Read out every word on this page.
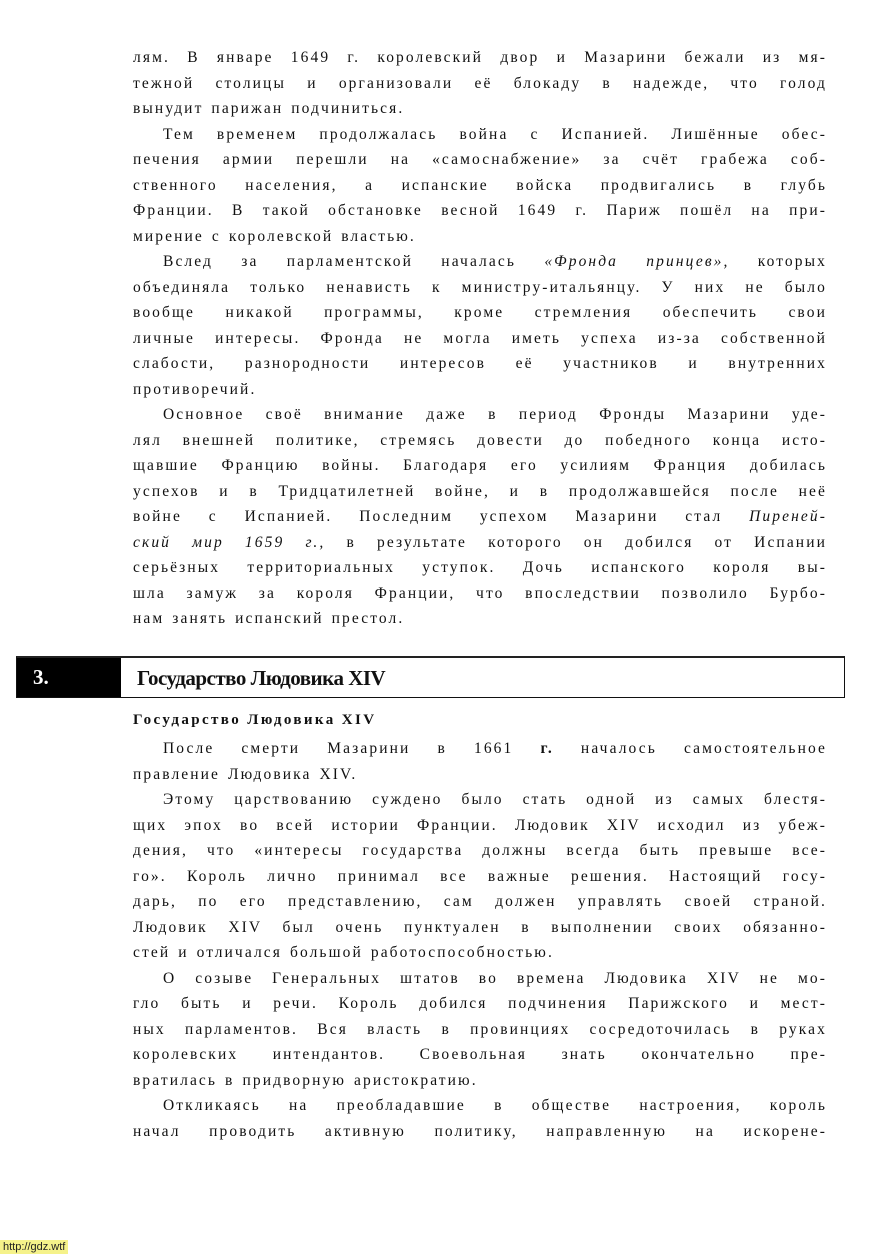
лям. В январе 1649 г. королевский двор и Мазарини бежали из мя-
тежной столицы и организовали её блокаду в надежде, что голод
вынудит парижан подчиниться.
Тем временем продолжалась война с Испанией. Лишённые обес-
печения армии перешли на «самоснабжение» за счёт грабежа соб-
ственного населения, а испанские войска продвигались в глубь
Франции. В такой обстановке весной 1649 г. Париж пошёл на при-
мирение с королевской властью.
Вслед за парламентской началась «Фронда принцев», которых
объединяла только ненависть к министру-итальянцу. У них не было
вообще никакой программы, кроме стремления обеспечить свои
личные интересы. Фронда не могла иметь успеха из-за собственной
слабости, разнородности интересов её участников и внутренних
противоречий.
Основное своё внимание даже в период Фронды Мазарини уде-
лял внешней политике, стремясь довести до победного конца исто-
щавшие Францию войны. Благодаря его усилиям Франция добилась
успехов и в Тридцатилетней войне, и в продолжавшейся после неё
войне с Испанией. Последним успехом Мазарини стал Пиреней-
ский мир 1659 г., в результате которого он добился от Испании
серьёзных территориальных уступок. Дочь испанского короля вы-
шла замуж за короля Франции, что впоследствии позволило Бурбо-
нам занять испанский престол.
3.	Государство Людовика XIV
Государство Людовика XIV
После смерти Мазарини в 1661 г. началось самостоятельное
правление Людовика XIV.
Этому царствованию суждено было стать одной из самых блестя-
щих эпох во всей истории Франции. Людовик XIV исходил из убеж-
дения, что «интересы государства должны всегда быть превыше все-
го». Король лично принимал все важные решения. Настоящий госу-
дарь, по его представлению, сам должен управлять своей страной.
Людовик XIV был очень пунктуален в выполнении своих обязанно-
стей и отличался большой работоспособностью.
О созыве Генеральных штатов во времена Людовика XIV не мо-
гло быть и речи. Король добился подчинения Парижского и мест-
ных парламентов. Вся власть в провинциях сосредоточилась в руках
королевских интендантов. Своевольная знать окончательно пре-
вратилась в придворную аристократию.
Откликаясь на преобладавшие в обществе настроения, король
начал проводить активную политику, направленную на искорене-
http://gdz.wtf
